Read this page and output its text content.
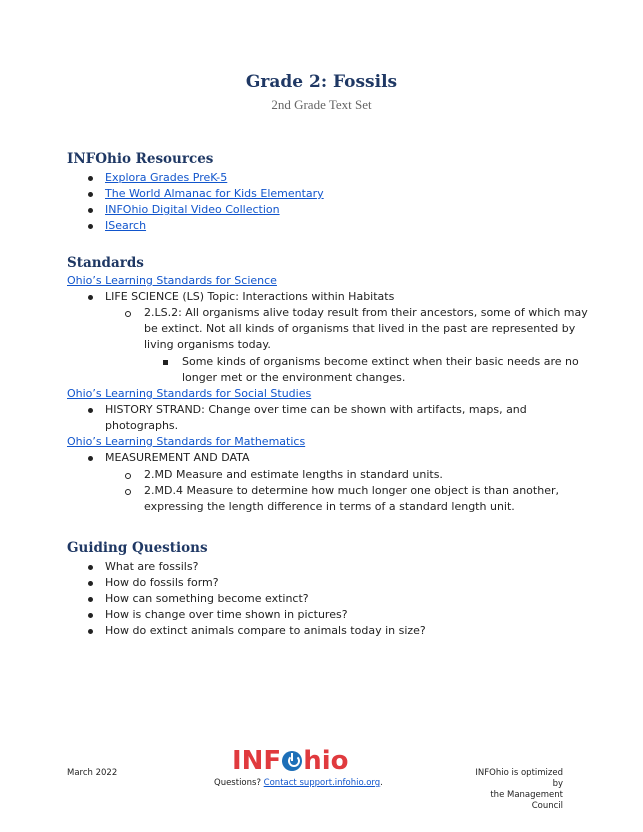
Grade 2: Fossils
2nd Grade Text Set
INFOhio Resources
Explora Grades PreK-5
The World Almanac for Kids Elementary
INFOhio Digital Video Collection
ISearch
Standards
Ohio’s Learning Standards for Science
LIFE SCIENCE (LS) Topic: Interactions within Habitats
2.LS.2: All organisms alive today result from their ancestors, some of which may
be extinct. Not all kinds of organisms that lived in the past are represented by
living organisms today.
Some kinds of organisms become extinct when their basic needs are no
longer met or the environment changes.
Ohio’s Learning Standards for Social Studies
HISTORY STRAND: Change over time can be shown with artifacts, maps, and
photographs.
Ohio’s Learning Standards for Mathematics
MEASUREMENT AND DATA
2.MD Measure and estimate lengths in standard units.
2.MD.4 Measure to determine how much longer one object is than another,
expressing the length difference in terms of a standard length unit.
Guiding Questions
What are fossils?
How do fossils form?
How can something become extinct?
How is change over time shown in pictures?
How do extinct animals compare to animals today in size?
March 2022	INF hio
Questions? Contact support.infohio.org.
INFOhio is optimized by
the Management Council
